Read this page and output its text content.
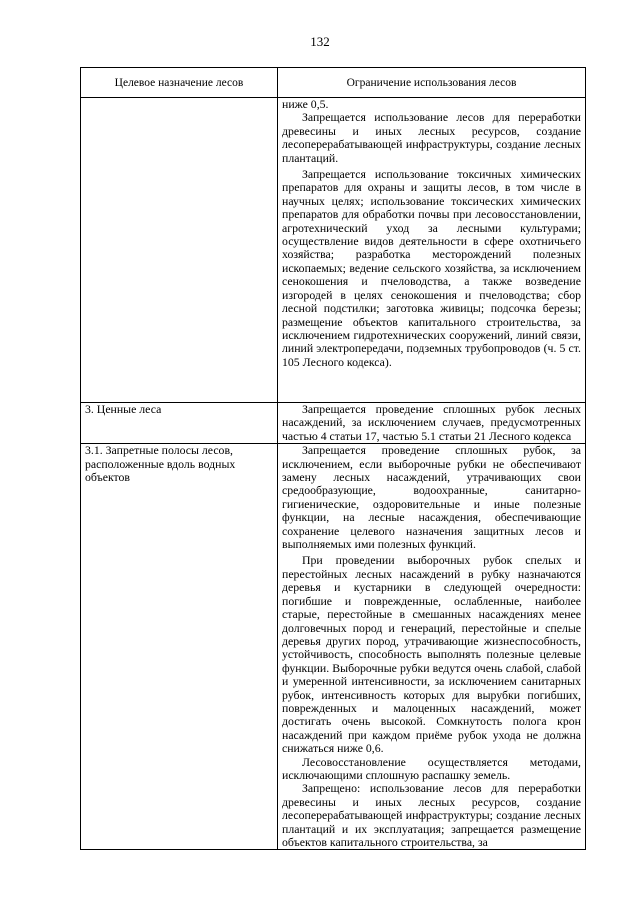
132
Целевое назначение лесов	Ограничение использования лесов

	ниже 0,5.

Запрещается использование лесов для переработки древесины и иных лесных ресурсов, создание лесоперерабатывающей инфраструктуры, создание лесных плантаций.

Запрещается использование токсичных химических препаратов для охраны и защиты лесов, в том числе в научных целях; использование токсических химических препаратов для обработки почвы при лесовосстановлении, агротехнический уход за лесными культурами; осуществление видов деятельности в сфере охотничьего хозяйства; разработка месторождений полезных ископаемых; ведение сельского хозяйства, за исключением сенокошения и пчеловодства, а также возведение изгородей в целях сенокошения и пчеловодства; сбор лесной подстилки; заготовка живицы; подсочка березы; размещение объектов капитального строительства, за исключением гидротехнических сооружений, линий связи, линий электропередачи, подземных трубопроводов (ч. 5 ст. 105 Лесного кодекса).

3. Ценные леса	Запрещается проведение сплошных рубок лесных насаждений, за исключением случаев, предусмотренных частью 4 статьи 17, частью 5.1 статьи 21 Лесного кодекса

3.1. Запретные полосы лесов, расположенные вдоль водных объектов	Запрещается проведение сплошных рубок, за исключением, если выборочные рубки не обеспечивают замену лесных насаждений, утрачивающих свои средообразующие, водоохранные, санитарно-гигиенические, оздоровительные и иные полезные функции, на лесные насаждения, обеспечивающие сохранение целевого назначения защитных лесов и выполняемых ими полезных функций.

При проведении выборочных рубок спелых и перестойных лесных насаждений в рубку назначаются деревья и кустарники в следующей очередности: погибшие и поврежденные, ослабленные, наиболее старые, перестойные в смешанных насаждениях менее долговечных пород и генераций, перестойные и спелые деревья других пород, утрачивающие жизнеспособность, устойчивость, способность выполнять полезные целевые функции. Выборочные рубки ведутся очень слабой, слабой и умеренной интенсивности, за исключением санитарных рубок, интенсивность которых для вырубки погибших, поврежденных и малоценных насаждений, может достигать очень высокой. Сомкнутость полога крон насаждений при каждом приёме рубок ухода не должна снижаться ниже 0,6.

Лесовосстановление осуществляется методами, исключающими сплошную распашку земель.

Запрещено: использование лесов для переработки древесины и иных лесных ресурсов, создание лесоперерабатывающей инфраструктуры; создание лесных плантаций и их эксплуатация; запрещается размещение объектов капитального строительства, за
